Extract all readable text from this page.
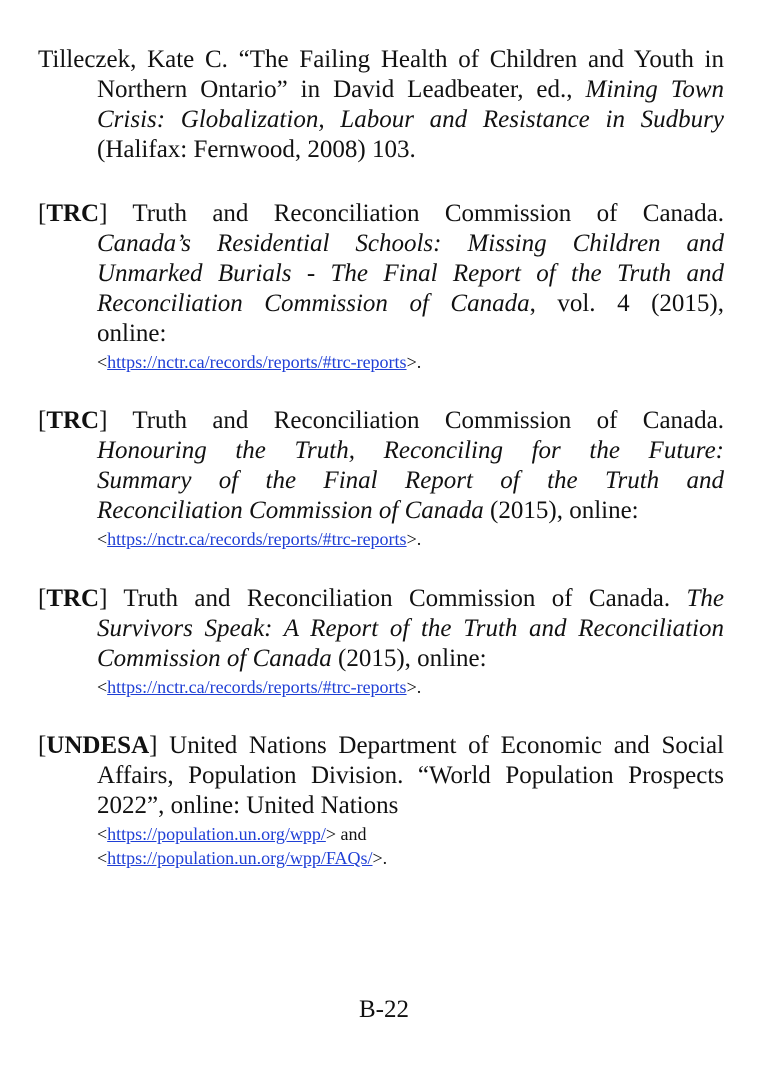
Tilleczek, Kate C. “The Failing Health of Children and Youth in
Northern Ontario” in David Leadbeater, ed., Mining Town
Crisis: Globalization, Labour and Resistance in Sudbury
(Halifax: Fernwood, 2008) 103.
[TRC] Truth and Reconciliation Commission of Canada.
Canada’s Residential Schools: Missing Children and
Unmarked Burials - The Final Report of the Truth and
Reconciliation Commission of Canada, vol. 4 (2015),
online:
<https://nctr.ca/records/reports/#trc-reports>.
[TRC] Truth and Reconciliation Commission of Canada.
Honouring the Truth, Reconciling for the Future:
Summary of the Final Report of the Truth and
Reconciliation Commission of Canada (2015), online:
<https://nctr.ca/records/reports/#trc-reports>.
[TRC] Truth and Reconciliation Commission of Canada. The
Survivors Speak: A Report of the Truth and Reconciliation
Commission of Canada (2015), online:
<https://nctr.ca/records/reports/#trc-reports>.
[UNDESA] United Nations Department of Economic and Social
Affairs, Population Division. “World Population Prospects
2022”, online: United Nations
<https://population.un.org/wpp/> and
<https://population.un.org/wpp/FAQs/>.
B-22
